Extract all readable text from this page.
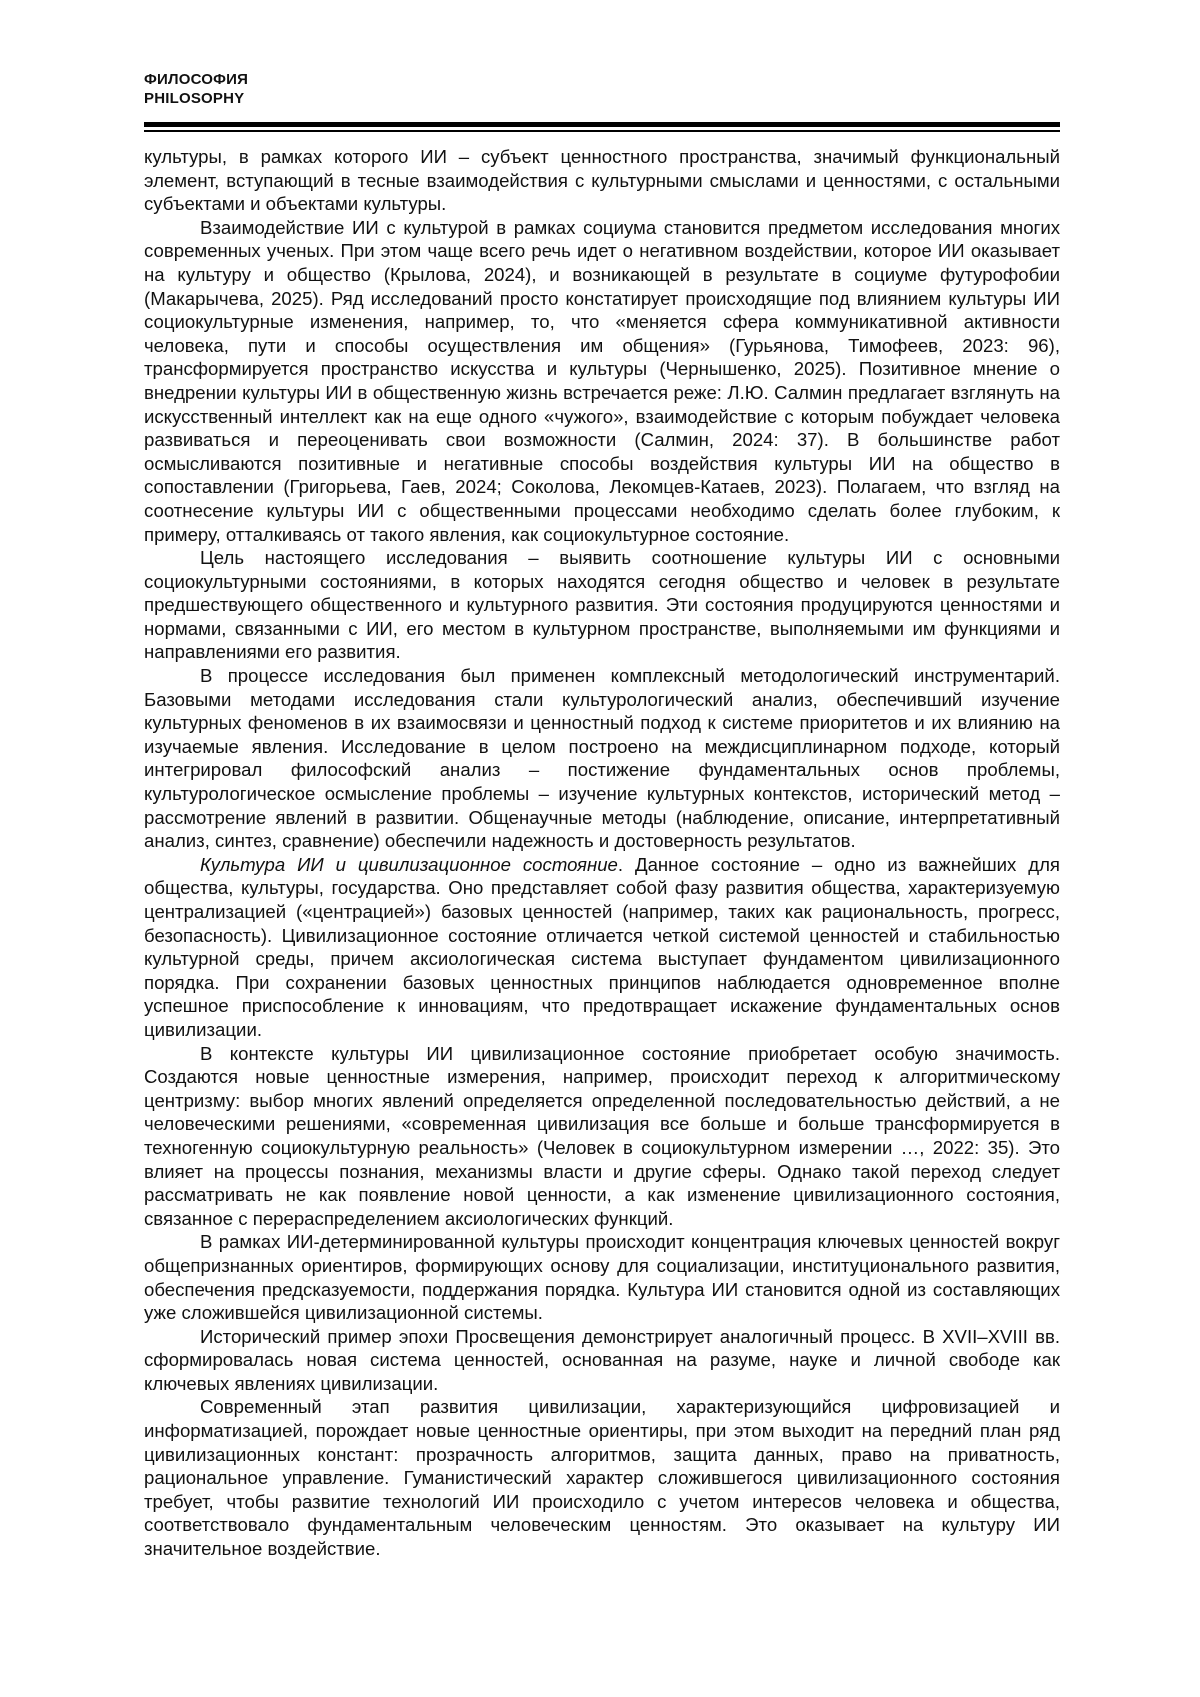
ФИЛОСОФИЯ
PHILOSOPHY

культуры, в рамках которого ИИ – субъект ценностного пространства, значимый функциональный элемент, вступающий в тесные взаимодействия с культурными смыслами и ценностями, с остальными субъектами и объектами культуры.

Взаимодействие ИИ с культурой в рамках социума становится предметом исследования многих современных ученых. При этом чаще всего речь идет о негативном воздействии, которое ИИ оказывает на культуру и общество (Крылова, 2024), и возникающей в результате в социуме футурофобии (Макарычева, 2025). Ряд исследований просто констатирует происходящие под влиянием культуры ИИ социокультурные изменения, например, то, что «меняется сфера коммуникативной активности человека, пути и способы осуществления им общения» (Гурьянова, Тимофеев, 2023: 96), трансформируется пространство искусства и культуры (Чернышенко, 2025). Позитивное мнение о внедрении культуры ИИ в общественную жизнь встречается реже: Л.Ю. Салмин предлагает взглянуть на искусственный интеллект как на еще одного «чужого», взаимодействие с которым побуждает человека развиваться и переоценивать свои возможности (Салмин, 2024: 37). В большинстве работ осмысливаются позитивные и негативные способы воздействия культуры ИИ на общество в сопоставлении (Григорьева, Гаев, 2024; Соколова, Лекомцев-Катаев, 2023). Полагаем, что взгляд на соотнесение культуры ИИ с общественными процессами необходимо сделать более глубоким, к примеру, отталкиваясь от такого явления, как социокультурное состояние.

Цель настоящего исследования – выявить соотношение культуры ИИ с основными социокультурными состояниями, в которых находятся сегодня общество и человек в результате предшествующего общественного и культурного развития. Эти состояния продуцируются ценностями и нормами, связанными с ИИ, его местом в культурном пространстве, выполняемыми им функциями и направлениями его развития.

В процессе исследования был применен комплексный методологический инструментарий. Базовыми методами исследования стали культурологический анализ, обеспечивший изучение культурных феноменов в их взаимосвязи и ценностный подход к системе приоритетов и их влиянию на изучаемые явления. Исследование в целом построено на междисциплинарном подходе, который интегрировал философский анализ – постижение фундаментальных основ проблемы, культурологическое осмысление проблемы – изучение культурных контекстов, исторический метод – рассмотрение явлений в развитии. Общенаучные методы (наблюдение, описание, интерпретативный анализ, синтез, сравнение) обеспечили надежность и достоверность результатов.

Культура ИИ и цивилизационное состояние. Данное состояние – одно из важнейших для общества, культуры, государства. Оно представляет собой фазу развития общества, характеризуемую централизацией («центрацией») базовых ценностей (например, таких как рациональность, прогресс, безопасность). Цивилизационное состояние отличается четкой системой ценностей и стабильностью культурной среды, причем аксиологическая система выступает фундаментом цивилизационного порядка. При сохранении базовых ценностных принципов наблюдается одновременное вполне успешное приспособление к инновациям, что предотвращает искажение фундаментальных основ цивилизации.

В контексте культуры ИИ цивилизационное состояние приобретает особую значимость. Создаются новые ценностные измерения, например, происходит переход к алгоритмическому центризму: выбор многих явлений определяется определенной последовательностью действий, а не человеческими решениями, «современная цивилизация все больше и больше трансформируется в техногенную социокультурную реальность» (Человек в социокультурном измерении …, 2022: 35). Это влияет на процессы познания, механизмы власти и другие сферы. Однако такой переход следует рассматривать не как появление новой ценности, а как изменение цивилизационного состояния, связанное с перераспределением аксиологических функций.

В рамках ИИ-детерминированной культуры происходит концентрация ключевых ценностей вокруг общепризнанных ориентиров, формирующих основу для социализации, институционального развития, обеспечения предсказуемости, поддержания порядка. Культура ИИ становится одной из составляющих уже сложившейся цивилизационной системы.

Исторический пример эпохи Просвещения демонстрирует аналогичный процесс. В XVII–XVIII вв. сформировалась новая система ценностей, основанная на разуме, науке и личной свободе как ключевых явлениях цивилизации.

Современный этап развития цивилизации, характеризующийся цифровизацией и информатизацией, порождает новые ценностные ориентиры, при этом выходит на передний план ряд цивилизационных констант: прозрачность алгоритмов, защита данных, право на приватность, рациональное управление. Гуманистический характер сложившегося цивилизационного состояния требует, чтобы развитие технологий ИИ происходило с учетом интересов человека и общества, соответствовало фундаментальным человеческим ценностям. Это оказывает на культуру ИИ значительное воздействие.
